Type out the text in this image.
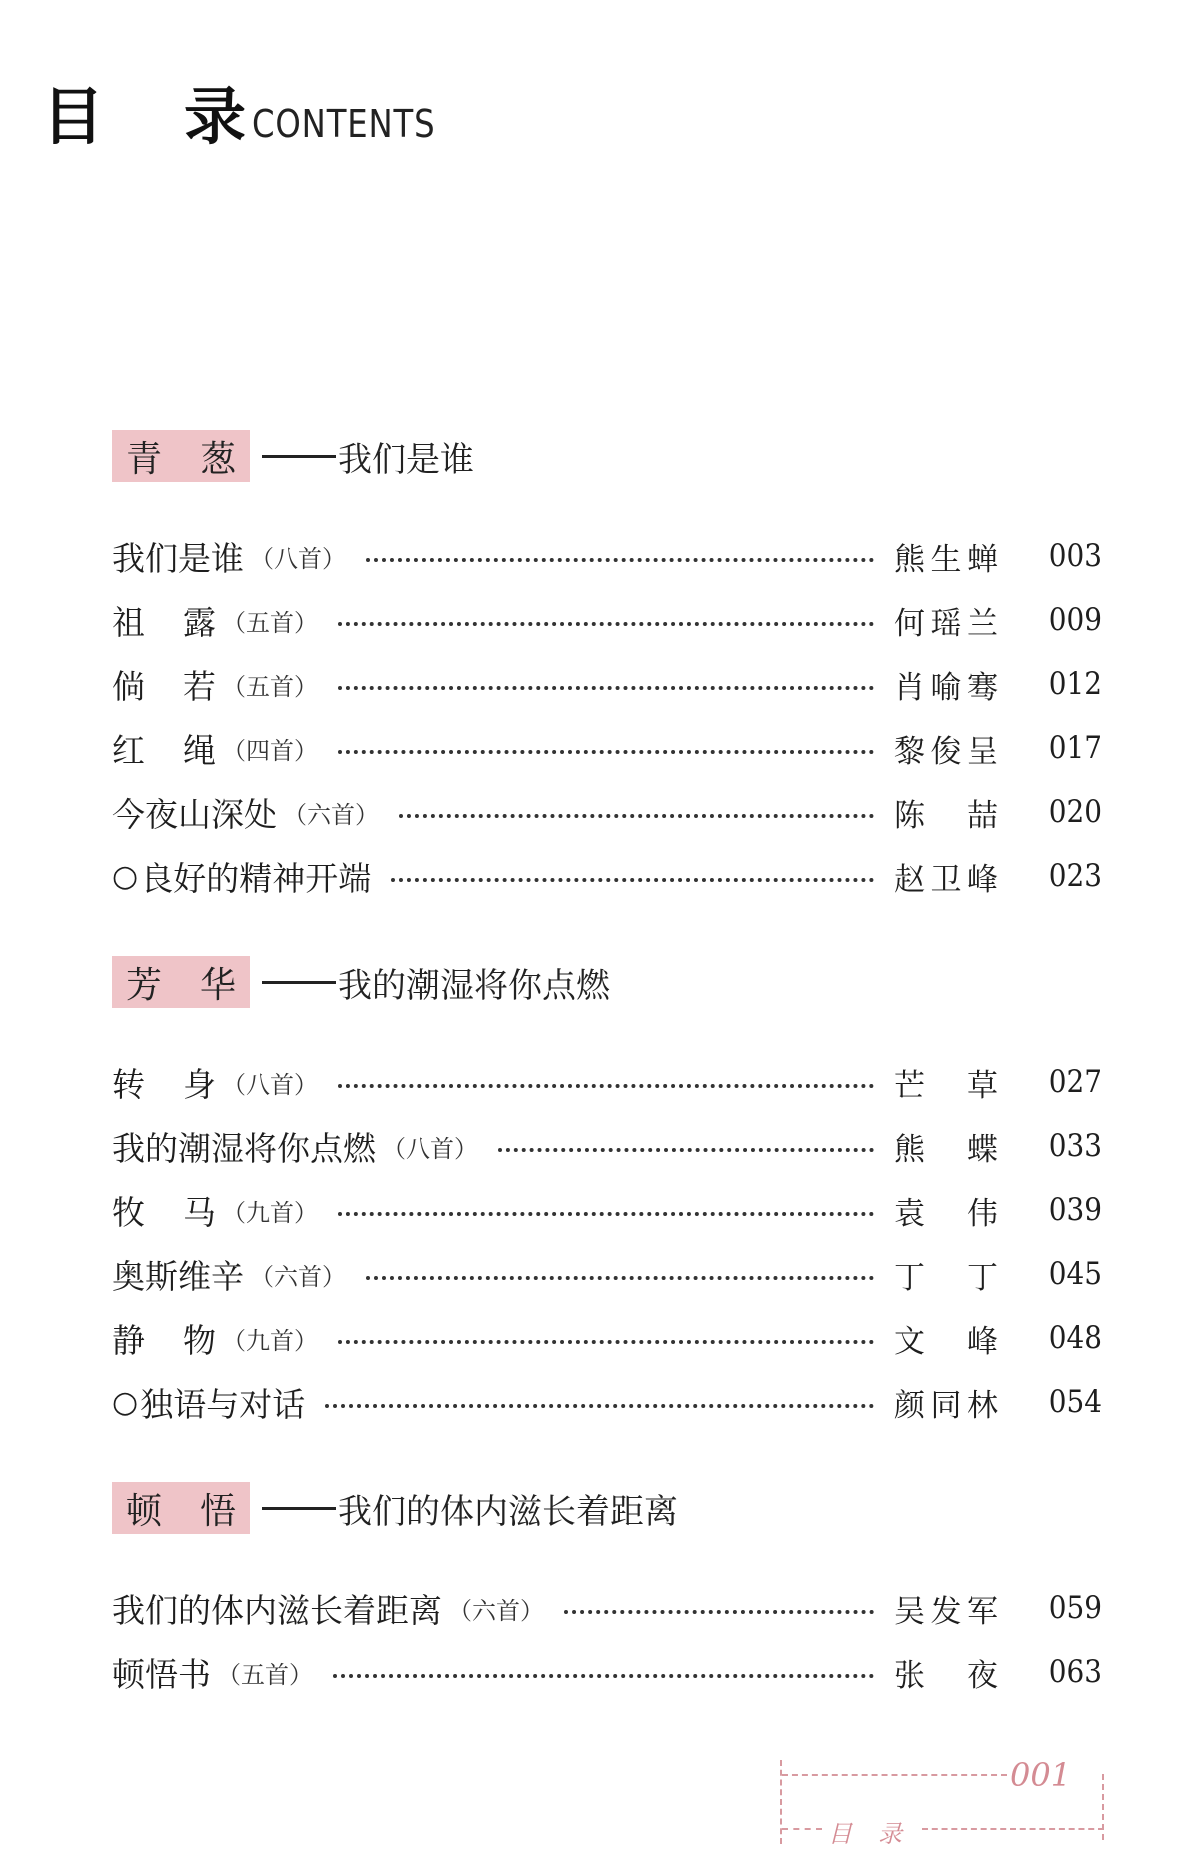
目 录 CONTENTS
青 葱	我们是谁
我们是谁 （八首）	熊 生 蝉	003
祖 露 （五首）	何 瑶 兰	009
倘 若 （五首）	肖 喻 骞	012
红 绳 （四首）	黎 俊 呈	017
今夜山深处 （六首）	陈 喆	020
○ 良好的精神开端	赵 卫 峰	023
芳 华	我的潮湿将你点燃
转 身 （八首）	芒 草	027
我的潮湿将你点燃 （八首）	熊 蝶	033
牧 马 （九首）	袁 伟	039
奥斯维辛 （六首）	丁 丁	045
静 物 （九首）	文 峰	048
○ 独语与对话	颜 同 林	054
顿 悟	我们的体内滋长着距离
我们的体内滋长着距离 （六首）	吴 发 军	059
顿悟书 （五首）	张 夜	063
001
目 录
